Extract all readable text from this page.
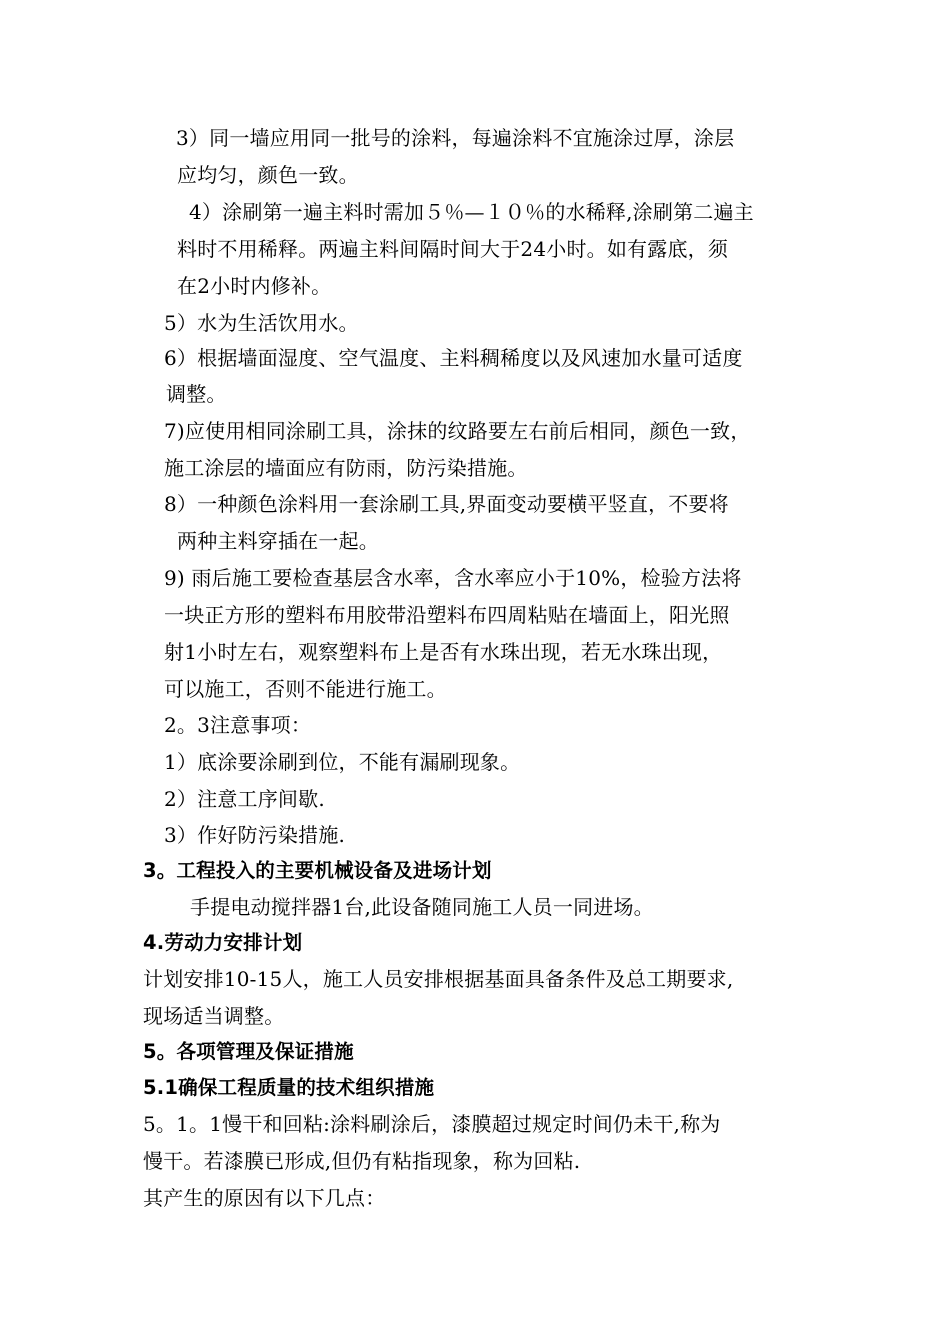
3）同一墙应用同一批号的涂料，每遍涂料不宜施涂过厚，涂层
应均匀，颜色一致。
4）涂刷第一遍主料时需加５％—１０％的水稀释,涂刷第二遍主
料时不用稀释。两遍主料间隔时间大于24小时。如有露底，须
在2小时内修补。
5）水为生活饮用水。
6）根据墙面湿度、空气温度、主料稠稀度以及风速加水量可适度
调整。
7)应使用相同涂刷工具，涂抹的纹路要左右前后相同，颜色一致，
施工涂层的墙面应有防雨，防污染措施。
8）一种颜色涂料用一套涂刷工具,界面变动要横平竖直，不要将
两种主料穿插在一起。
9) 雨后施工要检查基层含水率，含水率应小于10%，检验方法将
一块正方形的塑料布用胶带沿塑料布四周粘贴在墙面上，阳光照
射1小时左右，观察塑料布上是否有水珠出现，若无水珠出现，
可以施工，否则不能进行施工。
2。3注意事项：
1）底涂要涂刷到位，不能有漏刷现象。
2）注意工序间歇.
3）作好防污染措施.
3。工程投入的主要机械设备及进场计划
手提电动搅拌器1台,此设备随同施工人员一同进场。
4.劳动力安排计划
计划安排10-15人，施工人员安排根据基面具备条件及总工期要求,
现场适当调整。
5。各项管理及保证措施
5.1确保工程质量的技术组织措施
5。1。1慢干和回粘:涂料刷涂后，漆膜超过规定时间仍未干,称为
慢干。若漆膜已形成,但仍有粘指现象，称为回粘.
其产生的原因有以下几点：
